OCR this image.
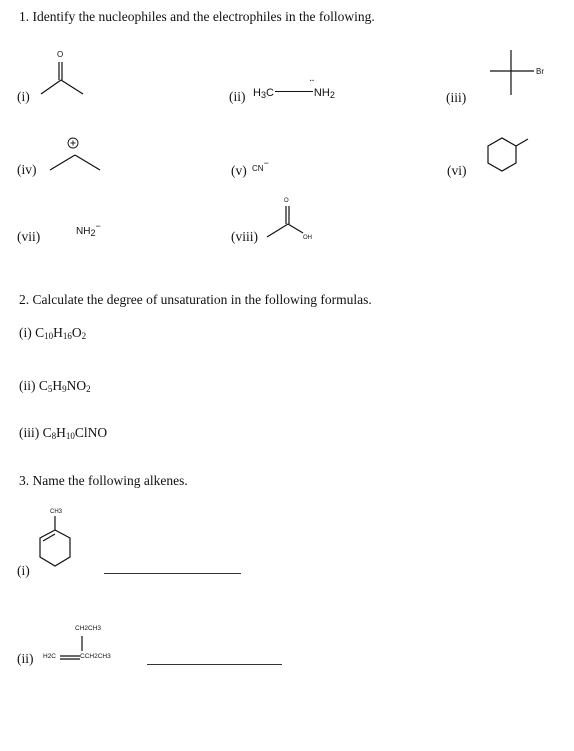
1. Identify the nucleophiles and the electrophiles in the following.
(i)
O
Br
O
OH
CH3
(ii) $H_3C$	$NH_2$
··
(iii)
(iv)	(v) CN−	(vi)
(vii)	$NH_2^-$
(viii)
2. Calculate the degree of unsaturation in the following formulas.
(i) $C_{10}H_{16}O_2$
(ii) $C_5H_9NO_2$
(iii) $C_8H_{10}ClNO$
3. Name the following alkenes.
(i)
CH2CH3
(ii) H2C	CCH2CH3
